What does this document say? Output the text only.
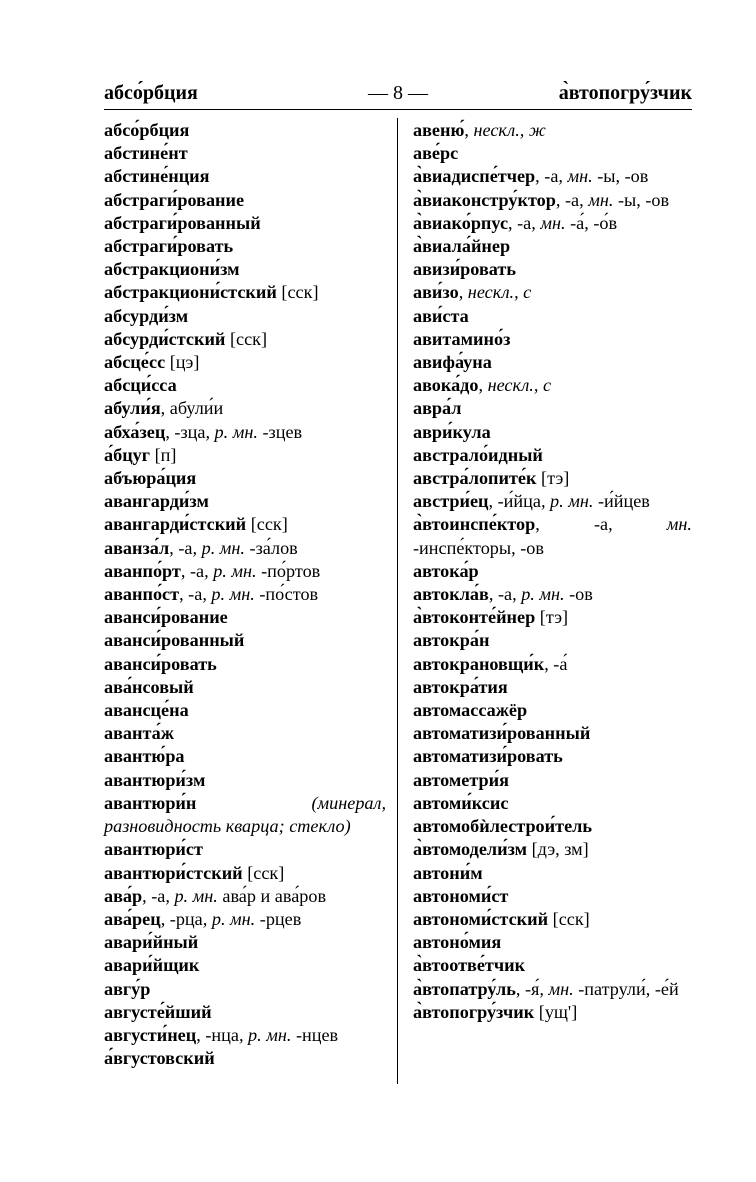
абсо́рбция	— 8 —	а̀втопогру́зчик
абсо́рбция
абстине́нт
абстине́нция
абстраги́рование
абстраги́рованный
абстраги́ровать
абстракциони́зм
абстракциони́стский [сск]
абсурди́зм
абсурди́стский [сск]
абсце́сс [цэ]
абсци́сса
абули́я, абули́и
абха́зец, -зца, р. мн. -зцев
а́бцуг [п]
абъюра́ция
авангарди́зм
авангарди́стский [сск]
аванза́л, -а, р. мн. -за́лов
аванпо́рт, -а, р. мн. -по́ртов
аванпо́ст, -а, р. мн. -по́стов
аванси́рование
аванси́рованный
аванси́ровать
ава́нсовый
авансце́на
аванта́ж
авантю́ра
авантюри́зм
авантюри́н (минерал, разновидность кварца; стекло)
авантюри́ст
авантюри́стский [сск]
ава́р, -а, р. мн. ава́р и ава́ров
ава́рец, -рца, р. мн. -рцев
авари́йный
авари́йщик
авгу́р
августе́йший
августи́нец, -нца, р. мн. -нцев
а́вгустовский
авеню́, нескл., ж
аве́рс
а̀виадиспе́тчер, -а, мн. -ы, -ов
а̀виаконстру́ктор, -а, мн. -ы, -ов
а̀виако́рпус, -а, мн. -а́, -о́в
а̀виала́йнер
авизи́ровать
ави́зо, нескл., с
ави́ста
авитамино́з
авифа́уна
авока́до, нескл., с
авра́л
аври́кула
австрало́идный
австра́лопите́к [тэ]
австри́ец, -и́йца, р. мн. -и́йцев
а̀втоинспе́ктор, -а, мн. -инспе́кторы, -ов
автока́р
автокла́в, -а, р. мн. -ов
а̀втоконте́йнер [тэ]
автокра́н
автокрановщи́к, -а́
автокра́тия
автомассажёр
автоматизи́рованный
автоматизи́ровать
автометри́я
автоми́ксис
автомобѝлестрои́тель
а̀втомодели́зм [дэ, зм]
автони́м
автономи́ст
автономи́стский [сск]
автоно́мия
а̀втоотве́тчик
а̀втопатру́ль, -я́, мн. -патрули́, -е́й
а̀втопогру́зчик [ущ']
